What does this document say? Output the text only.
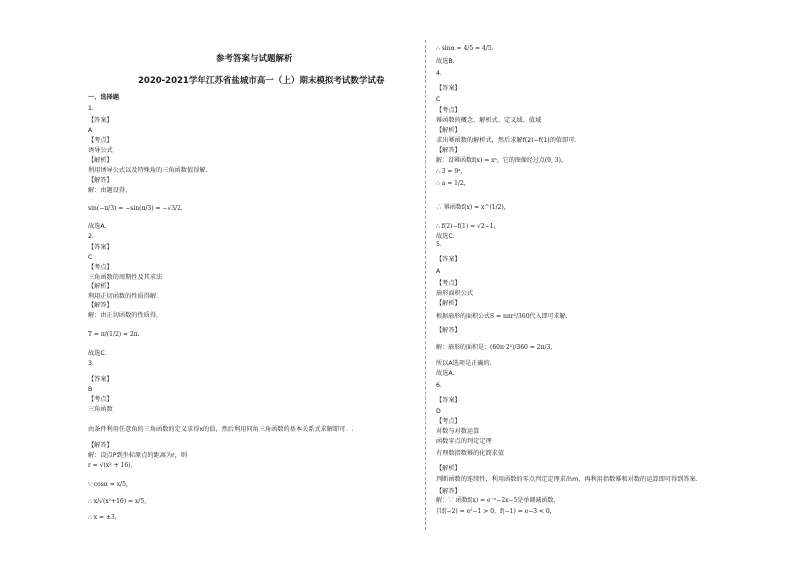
参考答案与试题解析
2020-2021学年江苏省盐城市高一（上）期末模拟考试数学试卷
一、选择题
1.
【答案】
A
【考点】
诱导公式
【解析】
利用诱导公式以及特殊角的三角函数值得解.
【解答】
解：由题设得，
sin(−π/3) = −sin(π/3) = −√3/2.
故选A.
2.
【答案】
C
【考点】
三角函数的周期性及其求法
【解析】
利用正切函数的性质得解.
【解答】
解：由正切函数的性质得，
T = π/(1/2) = 2π.
故选C.
3.
【答案】
B
【考点】
三角函数
由条件利用任意角的三角函数的定义求得x的值，然后利用同角三角函数的基本关系式求解即可．.
【解答】
解：设点P到坐标原点的距离为r，则
r = √(x² + 16)，
∵ cosα = x/5，
∴ x/√(x²+16) = x/5，
∴ x = ±3，
∴ sinα = 4/5 = 4/5.
故选B.
4.
【答案】
C
【考点】
幂函数的概念、解析式、定义域、值域
【解析】
求出幂函数的解析式，然后求解f(2)−f(1)的值即可.
【解答】
解：设幂函数f(x) = xᵃ，它的图像经过点(9, 3)，
∴ 3 = 9ᵃ，
∴ a = 1/2，
∴ 幂函数f(x) = x^(1/2)，
∴ f(2)−f(1) = √2−1，
故选C.
5.
【答案】
A
【考点】
扇形面积公式
【解析】
根据扇形的面积公式S = nπr²/360代入即可求解.
【解答】
解：扇形的面积是：(60π·2²)/360 = 2π/3，
所以A选项是正确的.
故选A.
6.
【答案】
D
【考点】
对数与对数运算
函数零点的判定定理
有理数指数幂的化简求值
【解析】
判断函数的连续性，利用函数的零点判定定理求出m，再利用指数幂和对数的运算即可得到答案.
【解答】
解：∵ 函数f(x) = e⁻ˣ−2x−5是单调减函数，
且f(−2) = e²−1 > 0，f(−1) = e−3 < 0，
